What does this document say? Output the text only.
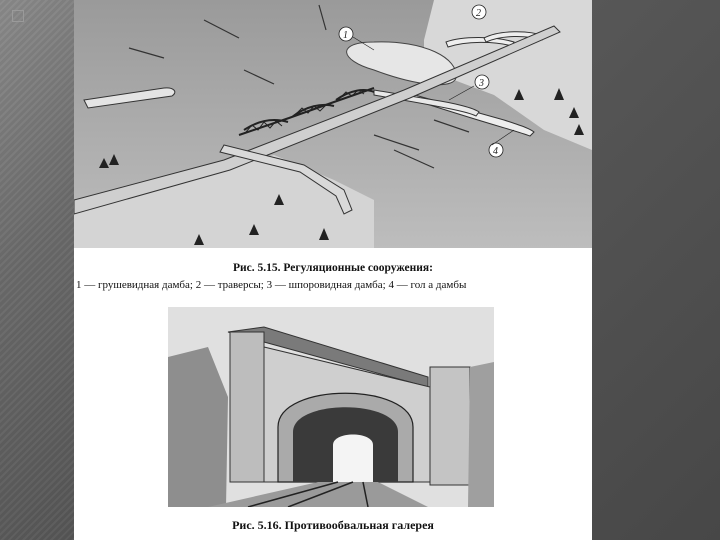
1
2
3
4
Рис. 5.15. Регуляционные сооружения:
1 — грушевидная дамба; 2 — траверсы; 3 — шпоровидная дамба; 4 — гол а дамбы
Рис. 5.16. Противообвальная галерея
